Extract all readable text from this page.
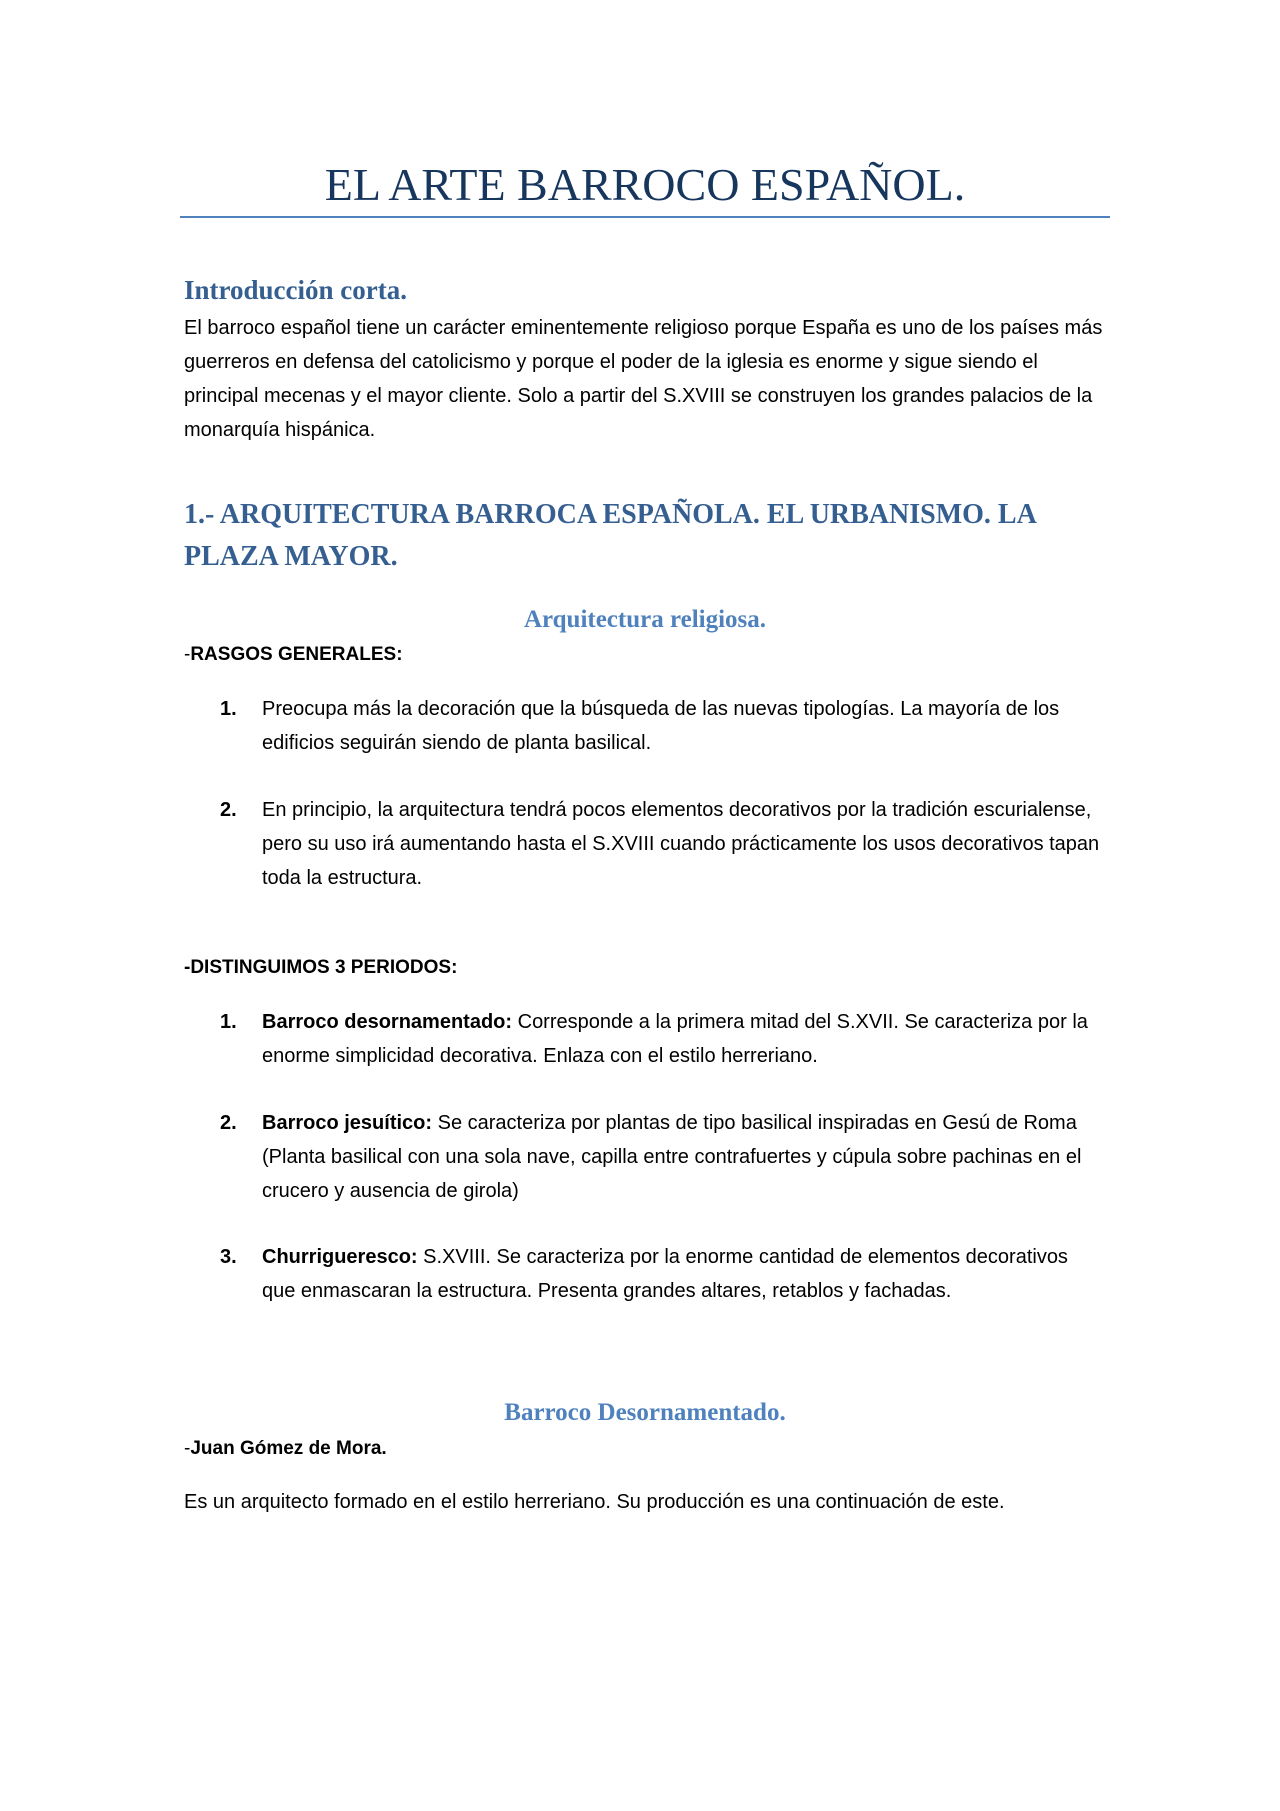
EL ARTE BARROCO ESPAÑOL.
Introducción corta.

El barroco español tiene un carácter eminentemente religioso porque España es uno de los países más guerreros en defensa del catolicismo y porque el poder de la iglesia es enorme y sigue siendo el principal mecenas y el mayor cliente. Solo a partir del S.XVIII se construyen los grandes palacios de la monarquía hispánica.

1.- ARQUITECTURA BARROCA ESPAÑOLA. EL URBANISMO. LA PLAZA MAYOR.
Arquitectura religiosa.

-RASGOS GENERALES:

1. Preocupa más la decoración que la búsqueda de las nuevas tipologías. La mayoría de los edificios seguirán siendo de planta basilical.
2. En principio, la arquitectura tendrá pocos elementos decorativos por la tradición escurialense, pero su uso irá aumentando hasta el S.XVIII cuando prácticamente los usos decorativos tapan toda la estructura.

-DISTINGUIMOS 3 PERIODOS:

1. Barroco desornamentado: Corresponde a la primera mitad del S.XVII. Se caracteriza por la enorme simplicidad decorativa. Enlaza con el estilo herreriano.
2. Barroco jesuítico: Se caracteriza por plantas de tipo basilical inspiradas en Gesú de Roma (Planta basilical con una sola nave, capilla entre contrafuertes y cúpula sobre pachinas en el crucero y ausencia de girola)
3. Churrigueresco: S.XVIII. Se caracteriza por la enorme cantidad de elementos decorativos que enmascaran la estructura. Presenta grandes altares, retablos y fachadas.
Barroco Desornamentado.

-Juan Gómez de Mora.

Es un arquitecto formado en el estilo herreriano. Su producción es una continuación de este.
